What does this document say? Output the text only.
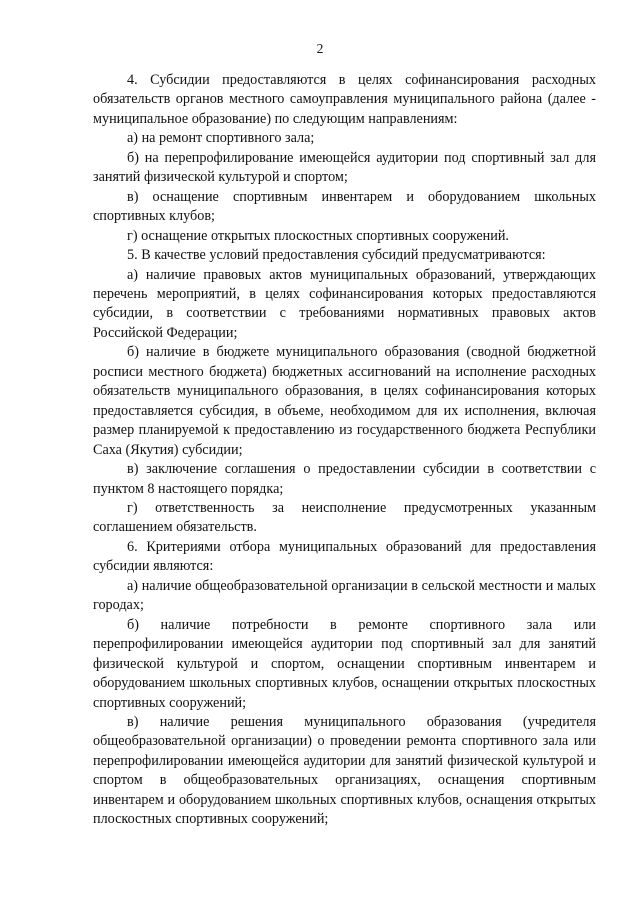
2

4. Субсидии предоставляются в целях софинансирования расходных обязательств органов местного самоуправления муниципального района (далее - муниципальное образование) по следующим направлениям:

а) на ремонт спортивного зала;

б) на перепрофилирование имеющейся аудитории под спортивный зал для занятий физической культурой и спортом;

в) оснащение спортивным инвентарем и оборудованием школьных спортивных клубов;

г) оснащение открытых плоскостных спортивных сооружений.

5. В качестве условий предоставления субсидий предусматриваются:

а) наличие правовых актов муниципальных образований, утверждающих перечень мероприятий, в целях софинансирования которых предоставляются субсидии, в соответствии с требованиями нормативных правовых актов Российской Федерации;

б) наличие в бюджете муниципального образования (сводной бюджетной росписи местного бюджета) бюджетных ассигнований на исполнение расходных обязательств муниципального образования, в целях софинансирования которых предоставляется субсидия, в объеме, необходимом для их исполнения, включая размер планируемой к предоставлению из государственного бюджета Республики Саха (Якутия) субсидии;

в) заключение соглашения о предоставлении субсидии в соответствии с пунктом 8 настоящего порядка;

г) ответственность за неисполнение предусмотренных указанным соглашением обязательств.

6. Критериями отбора муниципальных образований для предоставления субсидии являются:

а) наличие общеобразовательной организации в сельской местности и малых городах;

б) наличие потребности в ремонте спортивного зала или перепрофилировании имеющейся аудитории под спортивный зал для занятий физической культурой и спортом, оснащении спортивным инвентарем и оборудованием школьных спортивных клубов, оснащении открытых плоскостных спортивных сооружений;

в) наличие решения муниципального образования (учредителя общеобразовательной организации) о проведении ремонта спортивного зала или перепрофилировании имеющейся аудитории для занятий физической культурой и спортом в общеобразовательных организациях, оснащения спортивным инвентарем и оборудованием школьных спортивных клубов, оснащения открытых плоскостных спортивных сооружений;
